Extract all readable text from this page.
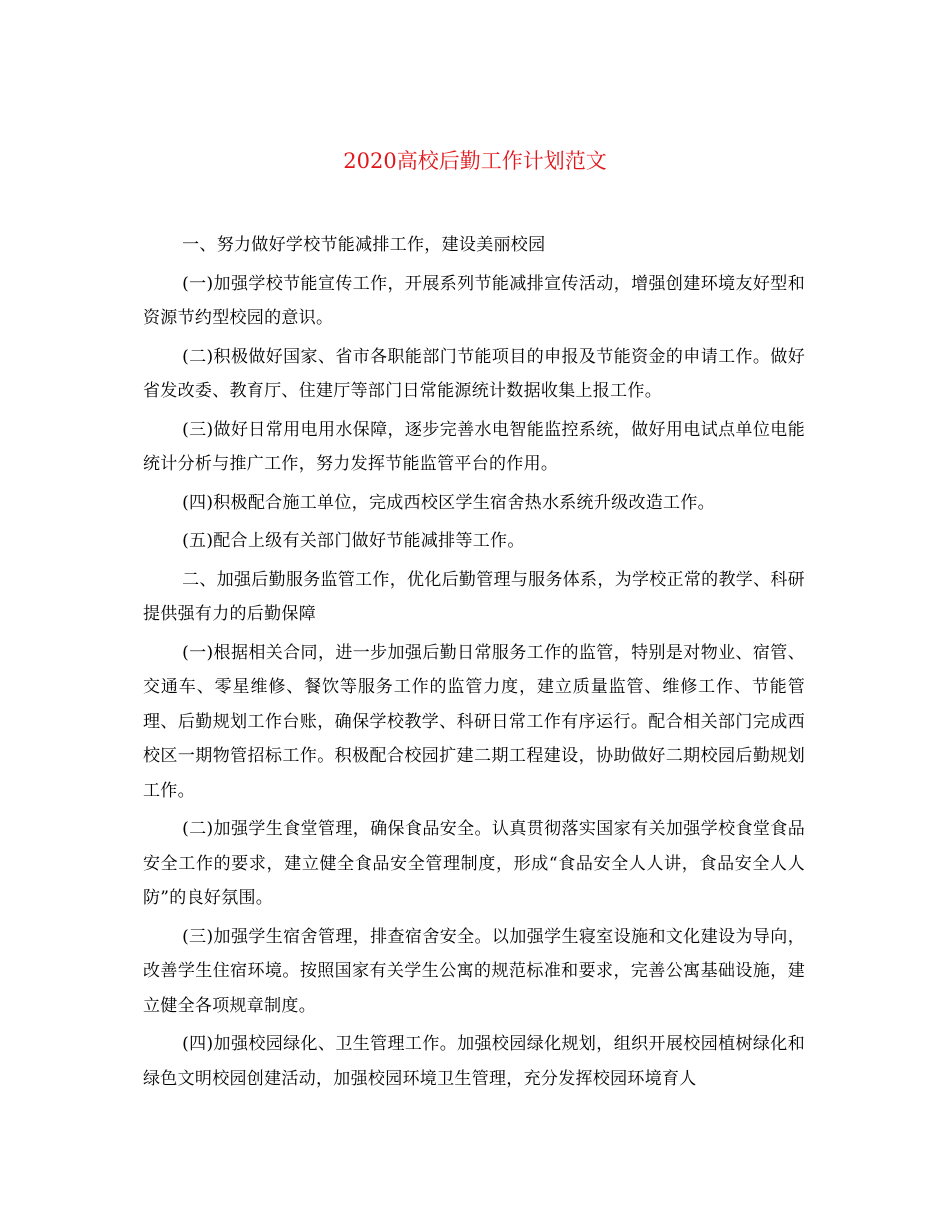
2020高校后勤工作计划范文

一、努力做好学校节能减排工作，建设美丽校园

(一)加强学校节能宣传工作，开展系列节能减排宣传活动，增强创建环境友好型和资源节约型校园的意识。

(二)积极做好国家、省市各职能部门节能项目的申报及节能资金的申请工作。做好省发改委、教育厅、住建厅等部门日常能源统计数据收集上报工作。

(三)做好日常用电用水保障，逐步完善水电智能监控系统，做好用电试点单位电能统计分析与推广工作，努力发挥节能监管平台的作用。

(四)积极配合施工单位，完成西校区学生宿舍热水系统升级改造工作。

(五)配合上级有关部门做好节能减排等工作。

二、加强后勤服务监管工作，优化后勤管理与服务体系，为学校正常的教学、科研提供强有力的后勤保障

(一)根据相关合同，进一步加强后勤日常服务工作的监管，特别是对物业、宿管、交通车、零星维修、餐饮等服务工作的监管力度，建立质量监管、维修工作、节能管理、后勤规划工作台账，确保学校教学、科研日常工作有序运行。配合相关部门完成西校区一期物管招标工作。积极配合校园扩建二期工程建设，协助做好二期校园后勤规划工作。

(二)加强学生食堂管理，确保食品安全。认真贯彻落实国家有关加强学校食堂食品安全工作的要求，建立健全食品安全管理制度，形成“食品安全人人讲，食品安全人人防”的良好氛围。

(三)加强学生宿舍管理，排查宿舍安全。以加强学生寝室设施和文化建设为导向，改善学生住宿环境。按照国家有关学生公寓的规范标准和要求，完善公寓基础设施，建立健全各项规章制度。

(四)加强校园绿化、卫生管理工作。加强校园绿化规划，组织开展校园植树绿化和绿色文明校园创建活动，加强校园环境卫生管理，充分发挥校园环境育人
